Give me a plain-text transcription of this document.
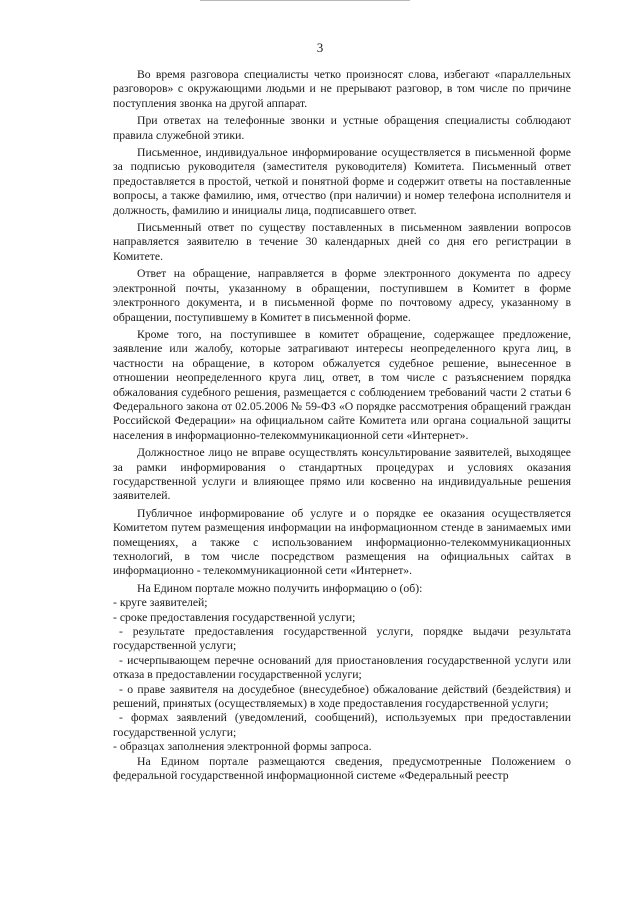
3

Во время разговора специалисты четко произносят слова, избегают «параллельных разговоров» с окружающими людьми и не прерывают разговор, в том числе по причине поступления звонка на другой аппарат.

При ответах на телефонные звонки и устные обращения специалисты соблюдают правила служебной этики.

Письменное, индивидуальное информирование осуществляется в письменной форме за подписью руководителя (заместителя руководителя) Комитета. Письменный ответ предоставляется в простой, четкой и понятной форме и содержит ответы на поставленные вопросы, а также фамилию, имя, отчество (при наличии) и номер телефона исполнителя и должность, фамилию и инициалы лица, подписавшего ответ.

Письменный ответ по существу поставленных в письменном заявлении вопросов направляется заявителю в течение 30 календарных дней со дня его регистрации в Комитете.

Ответ на обращение, направляется в форме электронного документа по адресу электронной почты, указанному в обращении, поступившем в Комитет в форме электронного документа, и в письменной форме по почтовому адресу, указанному в обращении, поступившему в Комитет в письменной форме.

Кроме того, на поступившее в комитет обращение, содержащее предложение, заявление или жалобу, которые затрагивают интересы неопределенного круга лиц, в частности на обращение, в котором обжалуется судебное решение, вынесенное в отношении неопределенного круга лиц, ответ, в том числе с разъяснением порядка обжалования судебного решения, размещается с соблюдением требований части 2 статьи 6 Федерального закона от 02.05.2006 № 59-ФЗ «О порядке рассмотрения обращений граждан Российской Федерации» на официальном сайте Комитета или органа социальной защиты населения в информационно-телекоммуникационной сети «Интернет».

Должностное лицо не вправе осуществлять консультирование заявителей, выходящее за рамки информирования о стандартных процедурах и условиях оказания государственной услуги и влияющее прямо или косвенно на индивидуальные решения заявителей.

Публичное информирование об услуге и о порядке ее оказания осуществляется Комитетом путем размещения информации на информационном стенде в занимаемых ими помещениях, а также с использованием информационно-телекоммуникационных технологий, в том числе посредством размещения на официальных сайтах в информационно - телекоммуникационной сети «Интернет».

На Едином портале можно получить информацию о (об):

- круге заявителей;

- сроке предоставления государственной услуги;

- результате предоставления государственной услуги, порядке выдачи результата государственной услуги;

- исчерпывающем перечне оснований для приостановления государственной услуги или отказа в предоставлении государственной услуги;

- о праве заявителя на досудебное (внесудебное) обжалование действий (бездействия) и решений, принятых (осуществляемых) в ходе предоставления государственной услуги;

- формах заявлений (уведомлений, сообщений), используемых при предоставлении государственной услуги;

- образцах заполнения электронной формы запроса.

На Едином портале размещаются сведения, предусмотренные Положением о федеральной государственной информационной системе «Федеральный реестр
